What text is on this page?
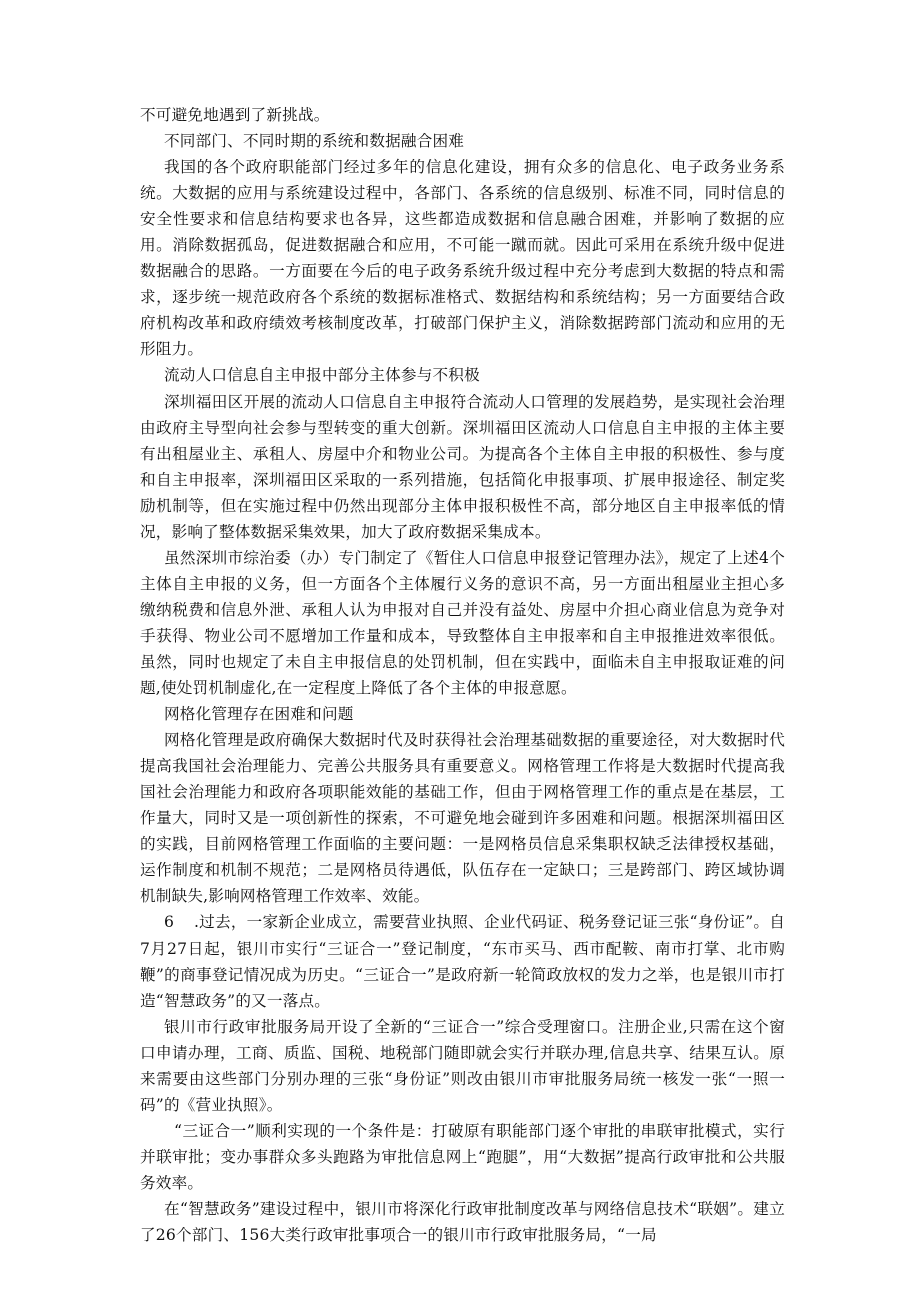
不可避免地遇到了新挑战。

不同部门、不同时期的系统和数据融合困难

我国的各个政府职能部门经过多年的信息化建设，拥有众多的信息化、电子政务业务系统。大数据的应用与系统建设过程中，各部门、各系统的信息级别、标准不同，同时信息的安全性要求和信息结构要求也各异，这些都造成数据和信息融合困难，并影响了数据的应用。消除数据孤岛，促进数据融合和应用，不可能一蹴而就。因此可采用在系统升级中促进数据融合的思路。一方面要在今后的电子政务系统升级过程中充分考虑到大数据的特点和需求，逐步统一规范政府各个系统的数据标准格式、数据结构和系统结构；另一方面要结合政府机构改革和政府绩效考核制度改革，打破部门保护主义，消除数据跨部门流动和应用的无形阻力。

流动人口信息自主申报中部分主体参与不积极

深圳福田区开展的流动人口信息自主申报符合流动人口管理的发展趋势，是实现社会治理由政府主导型向社会参与型转变的重大创新。深圳福田区流动人口信息自主申报的主体主要有出租屋业主、承租人、房屋中介和物业公司。为提高各个主体自主申报的积极性、参与度和自主申报率，深圳福田区采取的一系列措施，包括简化申报事项、扩展申报途径、制定奖励机制等，但在实施过程中仍然出现部分主体申报积极性不高，部分地区自主申报率低的情况，影响了整体数据采集效果，加大了政府数据采集成本。

虽然深圳市综治委（办）专门制定了《暂住人口信息申报登记管理办法》，规定了上述4个主体自主申报的义务，但一方面各个主体履行义务的意识不高，另一方面出租屋业主担心多缴纳税费和信息外泄、承租人认为申报对自己并没有益处、房屋中介担心商业信息为竞争对手获得、物业公司不愿增加工作量和成本，导致整体自主申报率和自主申报推进效率很低。虽然，同时也规定了未自主申报信息的处罚机制，但在实践中，面临未自主申报取证难的问题,使处罚机制虚化,在一定程度上降低了各个主体的申报意愿。

网格化管理存在困难和问题

网格化管理是政府确保大数据时代及时获得社会治理基础数据的重要途径，对大数据时代提高我国社会治理能力、完善公共服务具有重要意义。网格管理工作将是大数据时代提高我国社会治理能力和政府各项职能效能的基础工作，但由于网格管理工作的重点是在基层，工作量大，同时又是一项创新性的探索，不可避免地会碰到许多困难和问题。根据深圳福田区的实践，目前网格管理工作面临的主要问题：一是网格员信息采集职权缺乏法律授权基础，运作制度和机制不规范；二是网格员待遇低，队伍存在一定缺口；三是跨部门、跨区域协调机制缺失,影响网格管理工作效率、效能。

6 .过去，一家新企业成立，需要营业执照、企业代码证、税务登记证三张“身份证”。自7月27日起，银川市实行“三证合一”登记制度，“东市买马、西市配鞍、南市打掌、北市购鞭”的商事登记情况成为历史。“三证合一”是政府新一轮简政放权的发力之举，也是银川市打造“智慧政务”的又一落点。

银川市行政审批服务局开设了全新的“三证合一”综合受理窗口。注册企业,只需在这个窗口申请办理，工商、质监、国税、地税部门随即就会实行并联办理,信息共享、结果互认。原来需要由这些部门分别办理的三张“身份证”则改由银川市审批服务局统一核发一张“一照一码”的《营业执照》。

“三证合一”顺利实现的一个条件是：打破原有职能部门逐个审批的串联审批模式，实行并联审批；变办事群众多头跑路为审批信息网上“跑腿”，用“大数据”提高行政审批和公共服务效率。

在“智慧政务”建设过程中，银川市将深化行政审批制度改革与网络信息技术“联姻”。建立了26个部门、156大类行政审批事项合一的银川市行政审批服务局，“一局
